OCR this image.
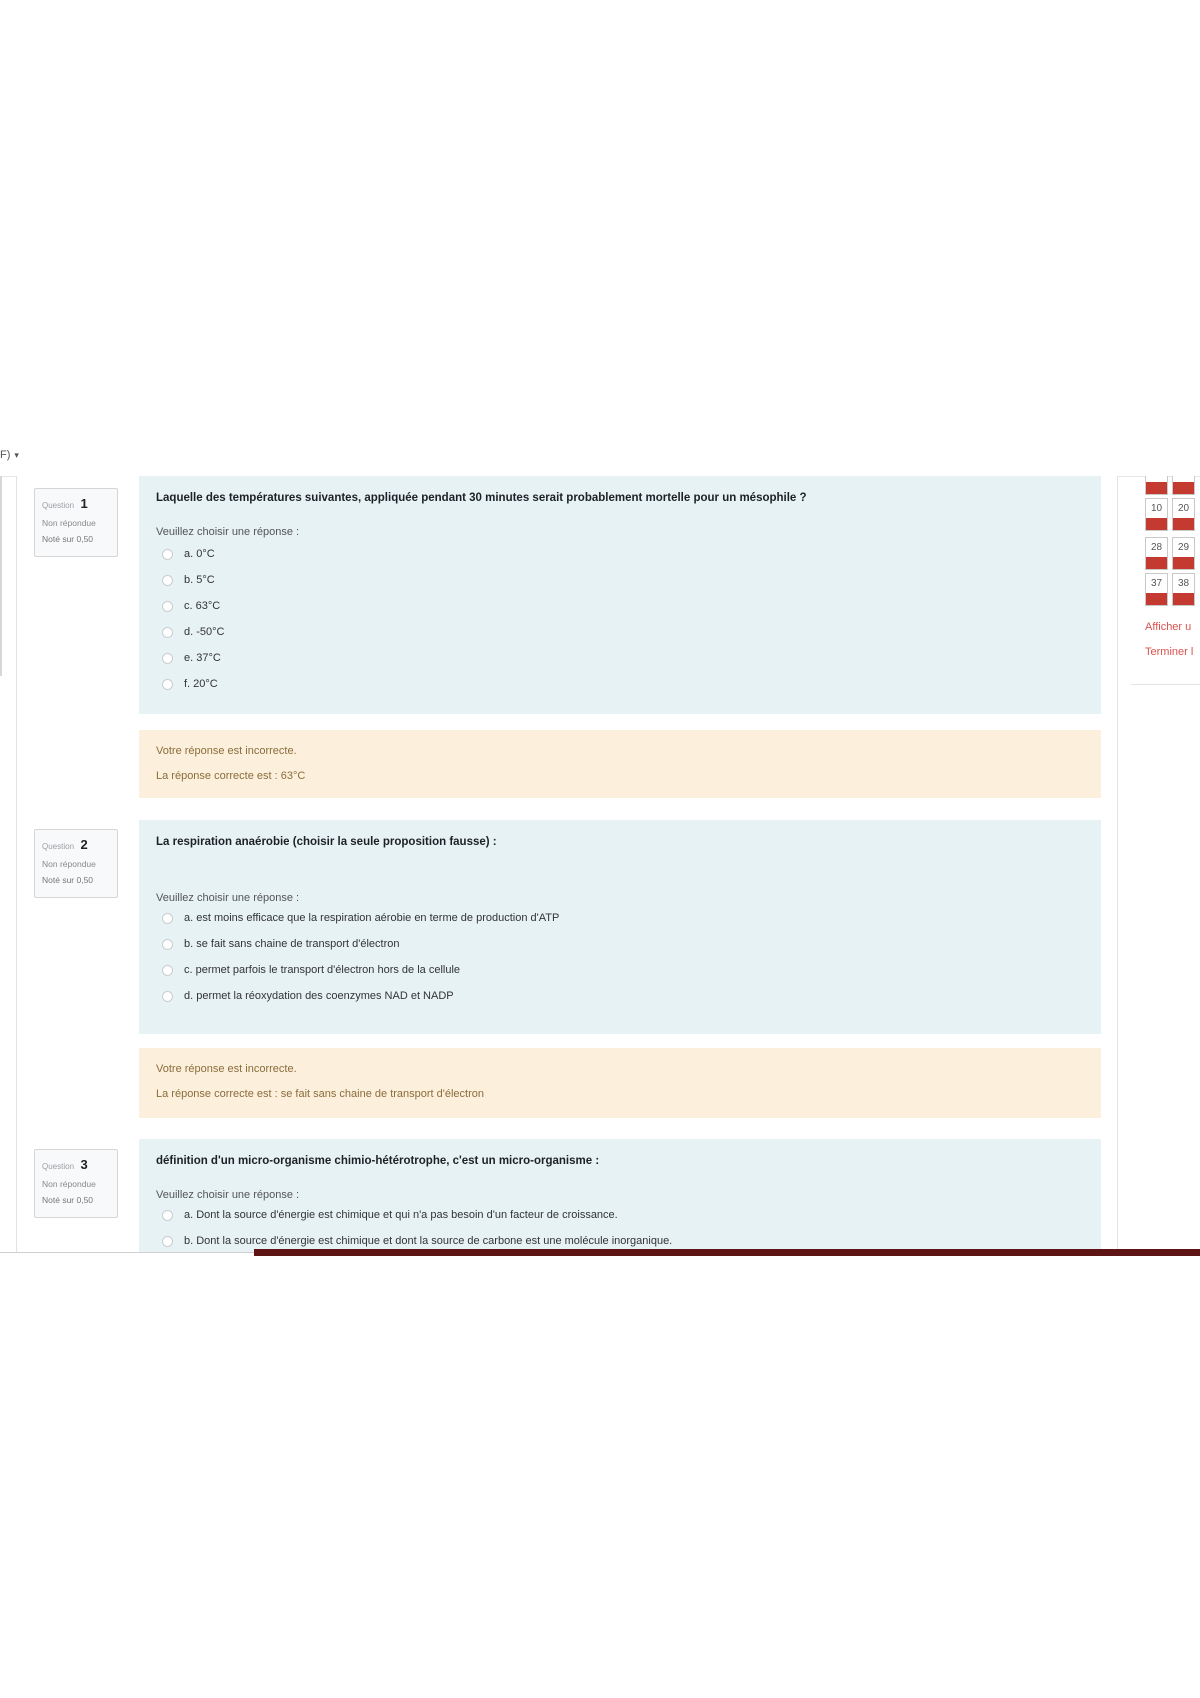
F) ▾
Question 1
Non répondue
Noté sur 0,50
Laquelle des températures suivantes, appliquée pendant 30 minutes serait probablement mortelle pour un mésophile ?
Veuillez choisir une réponse :
a. 0°C
b. 5°C
c. 63°C
d. -50°C
e. 37°C
f. 20°C
Votre réponse est incorrecte.
La réponse correcte est : 63°C
Question 2
Non répondue
Noté sur 0,50
La respiration anaérobie (choisir la seule proposition fausse) :
Veuillez choisir une réponse :
a. est moins efficace que la respiration aérobie en terme de production d'ATP
b. se fait sans chaine de transport d'électron
c. permet parfois le transport d'électron hors de la cellule
d. permet la réoxydation des coenzymes NAD et NADP
Votre réponse est incorrecte.
La réponse correcte est : se fait sans chaine de transport d'électron
Question 3
Non répondue
Noté sur 0,50
définition d'un micro-organisme chimio-hétérotrophe, c'est un micro-organisme :
Veuillez choisir une réponse :
a. Dont la source d'énergie est chimique et qui n'a pas besoin d'un facteur de croissance.
b. Dont la source d'énergie est chimique et dont la source de carbone est une molécule inorganique.
10	20
28	29
37	38
Afficher u
Terminer l
